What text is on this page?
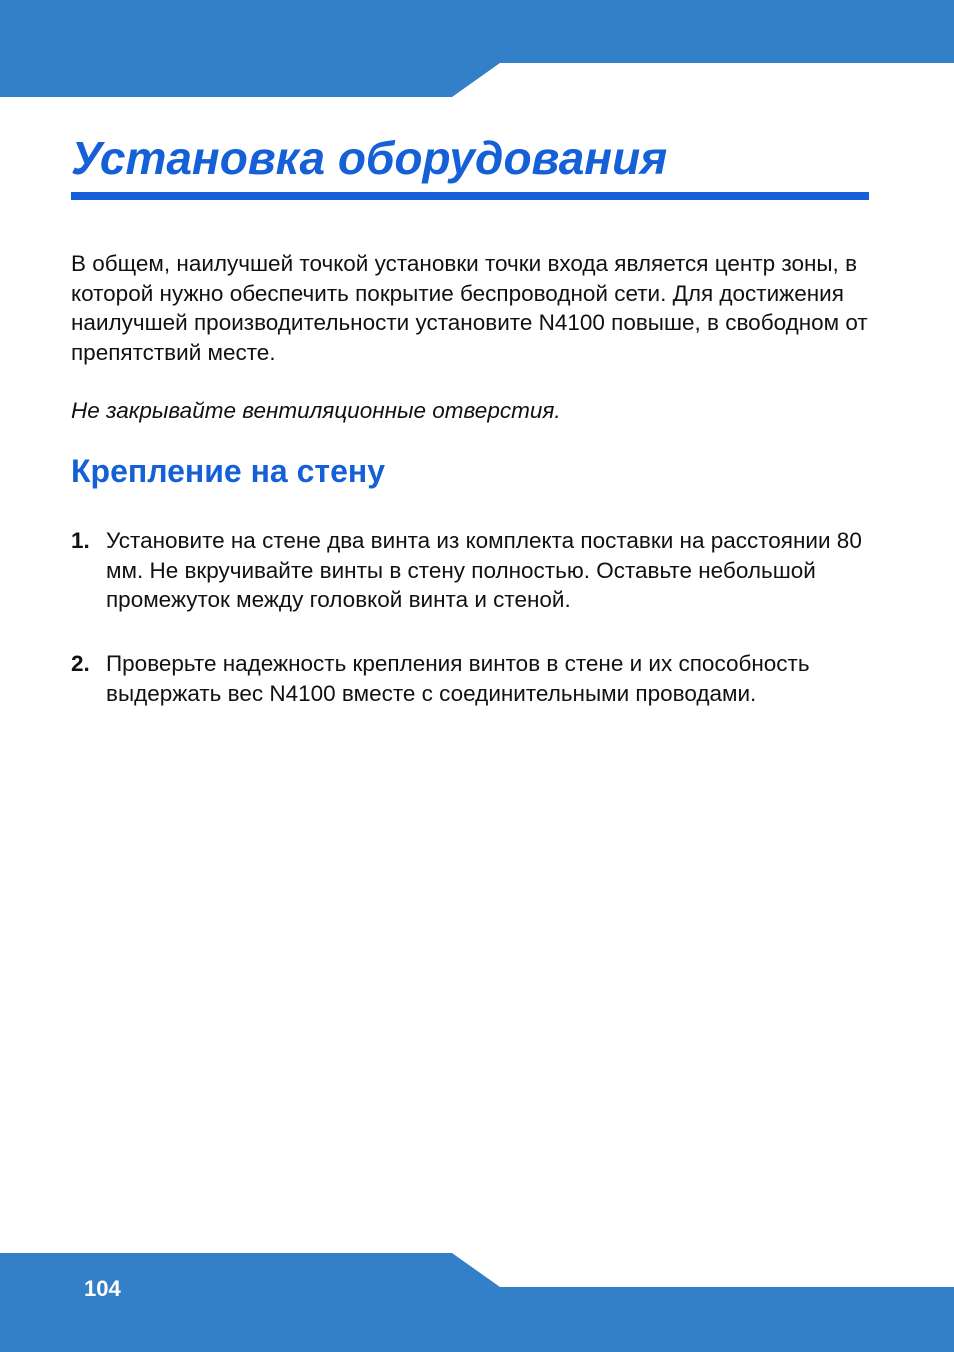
Установка оборудования

В общем, наилучшей точкой установки точки входа является центр зоны, в которой нужно обеспечить покрытие беспроводной сети. Для достижения наилучшей производительности установите N4100 повыше, в свободном от препятствий месте.

Не закрывайте вентиляционные отверстия.

Крепление на стену
1. Установите на стене два винта из комплекта поставки на расстоянии 80 мм. Не вкручивайте винты в стену полностью. Оставьте небольшой промежуток между головкой винта и стеной.

2. Проверьте надежность крепления винтов в стене и их способность выдержать вес N4100 вместе с соединительными проводами.

104
